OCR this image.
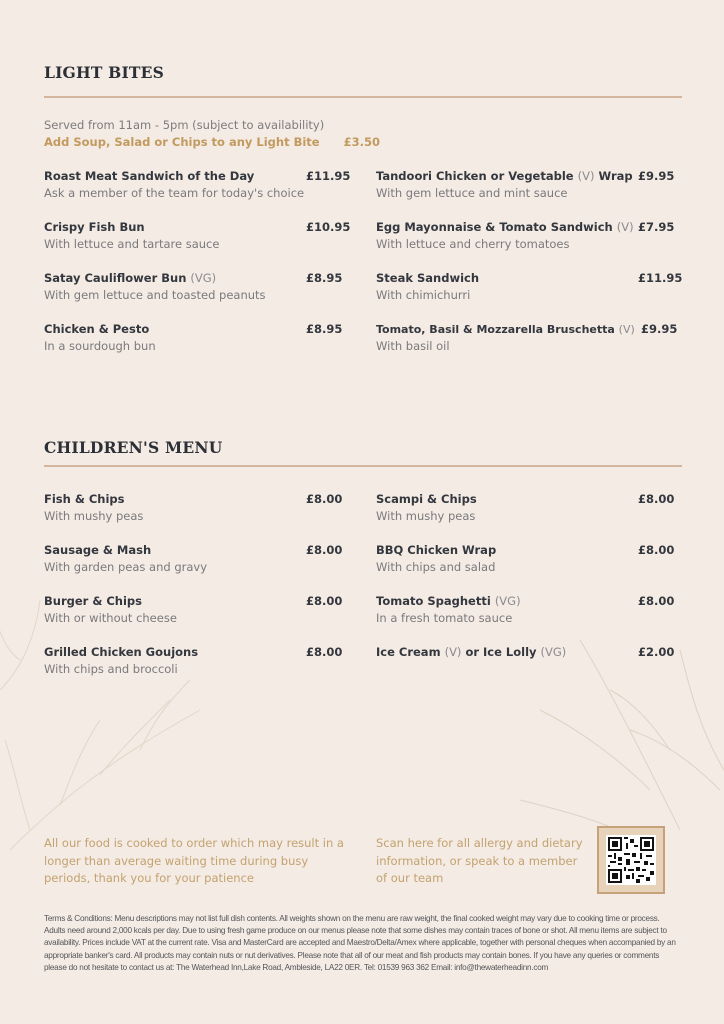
LIGHT BITES
Served from 11am - 5pm (subject to availability)
Add Soup, Salad or Chips to any Light Bite £3.50
Roast Meat Sandwich of the Day
Ask a member of the team for today's choice
£11.95
Crispy Fish Bun
With lettuce and tartare sauce
£10.95
Satay Cauliflower Bun (VG)
With gem lettuce and toasted peanuts
£8.95
Chicken & Pesto
In a sourdough bun
£8.95
Tandoori Chicken or Vegetable (V) Wrap
With gem lettuce and mint sauce
£9.95
Egg Mayonnaise & Tomato Sandwich (V)
With lettuce and cherry tomatoes
£7.95
Steak Sandwich
With chimichurri
£11.95
Tomato, Basil & Mozzarella Bruschetta (V)
With basil oil
£9.95
CHILDREN'S MENU
Fish & Chips
With mushy peas
£8.00
Sausage & Mash
With garden peas and gravy
£8.00
Burger & Chips
With or without cheese
£8.00
Grilled Chicken Goujons
With chips and broccoli
£8.00
Scampi & Chips
With mushy peas
£8.00
BBQ Chicken Wrap
With chips and salad
£8.00
Tomato Spaghetti (VG)
In a fresh tomato sauce
£8.00
Ice Cream (V) or Ice Lolly (VG)	£2.00
All our food is cooked to order which may result in a longer than average waiting time during busy periods, thank you for your patience
Scan here for all allergy and dietary information, or speak to a member of our team
Terms & Conditions: Menu descriptions may not list full dish contents. All weights shown on the menu are raw weight, the final cooked weight may vary due to cooking time or process. Adults need around 2,000 kcals per day. Due to using fresh game produce on our menus please note that some dishes may contain traces of bone or shot. All menu items are subject to availability. Prices include VAT at the current rate. Visa and MasterCard are accepted and Maestro/Delta/Amex where applicable, together with personal cheques when accompanied by an appropriate banker's card. All products may contain nuts or nut derivatives. Please note that all of our meat and fish products may contain bones. If you have any queries or comments please do not hesitate to contact us at: The Waterhead Inn,Lake Road, Ambleside, LA22 0ER. Tel: 01539 963 362 Email: info@thewaterheadinn.com
